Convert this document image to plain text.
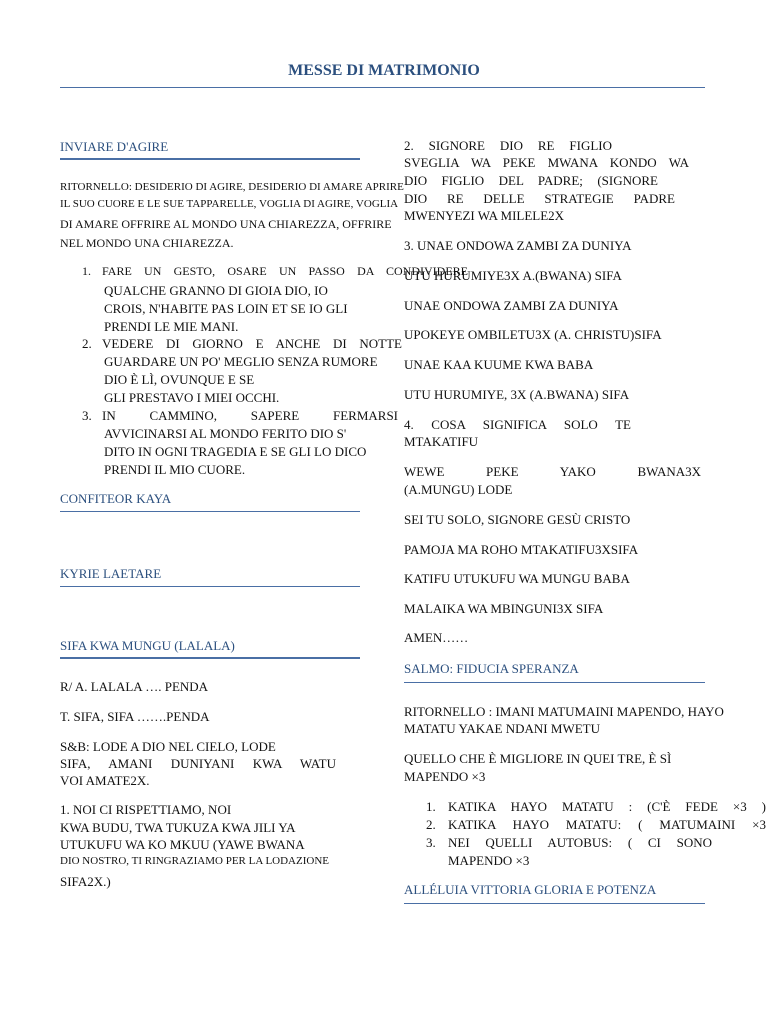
MESSE DI MATRIMONIO
INVIARE D'AGIRE
RITORNELLO: DESIDERIO DI AGIRE, DESIDERIO DI AMARE APRIRE
IL SUO CUORE E LE SUE TAPPARELLE, VOGLIA DI AGIRE, VOGLIA
DI AMARE OFFRIRE AL MONDO UNA CHIAREZZA, OFFRIRE
NEL MONDO UNA CHIAREZZA.
1. FARE UN GESTO, OSARE UN PASSO DA CONDIVIDERE
QUALCHE GRANNO DI GIOIA DIO, IO
CROIS, N'HABITE PAS LOIN ET SE IO GLI
PRENDI LE MIE MANI.
2. VEDERE DI GIORNO E ANCHE DI NOTTE
GUARDARE UN PO' MEGLIO SENZA RUMORE
DIO È LÌ, OVUNQUE E SE
GLI PRESTAVO I MIEI OCCHI.
3. IN CAMMINO, SAPERE FERMARSI
AVVICINARSI AL MONDO FERITO DIO S'
DITO IN OGNI TRAGEDIA E SE GLI LO DICO
PRENDI IL MIO CUORE.
CONFITEOR KAYA
KYRIE LAETARE
SIFA KWA MUNGU (LALALA)
R/ A. LALALA …. PENDA
T. SIFA, SIFA …….PENDA
S&B: LODE A DIO NEL CIELO, LODE
SIFA, AMANI DUNIYANI KWA WATU
VOI AMATE2X.
1. NOI CI RISPETTIAMO, NOI
KWA BUDU, TWA TUKUZA KWA JILI YA
UTUKUFU WA KO MKUU (YAWE BWANA
DIO NOSTRO, TI RINGRAZIAMO PER LA LODAZIONE
SIFA2X.)
2. SIGNORE DIO RE FIGLIO
SVEGLIA WA PEKE MWANA KONDO WA
DIO FIGLIO DEL PADRE; (SIGNORE
DIO RE DELLE STRATEGIE PADRE
MWENYEZI WA MILELE2X
3. UNAE ONDOWA ZAMBI ZA DUNIYA
UTU HURUMIYE3X A.(BWANA) SIFA
UNAE ONDOWA ZAMBI ZA DUNIYA
UPOKEYE OMBILETU3X (A. CHRISTU)SIFA
UNAE KAA KUUME KWA BABA
UTU HURUMIYE, 3X (A.BWANA) SIFA
4. COSA SIGNIFICA SOLO TE
MTAKATIFU
WEWE PEKE YAKO BWANA3X
(A.MUNGU) LODE
SEI TU SOLO, SIGNORE GESÙ CRISTO
PAMOJA MA ROHO MTAKATIFU3XSIFA
KATIFU UTUKUFU WA MUNGU BABA
MALAIKA WA MBINGUNI3X SIFA
AMEN……
SALMO: FIDUCIA SPERANZA
RITORNELLO : IMANI MATUMAINI MAPENDO, HAYO
MATATU YAKAE NDANI MWETU
QUELLO CHE È MIGLIORE IN QUEI TRE, È SÌ
MAPENDO ×3
1. KATIKA HAYO MATATU : (C'È FEDE ×3 )
2. KATIKA HAYO MATATU: ( MATUMAINI ×3
3. NEI QUELLI AUTOBUS: ( CI SONO
MAPENDO ×3
ALLÉLUIA VITTORIA GLORIA E POTENZA
